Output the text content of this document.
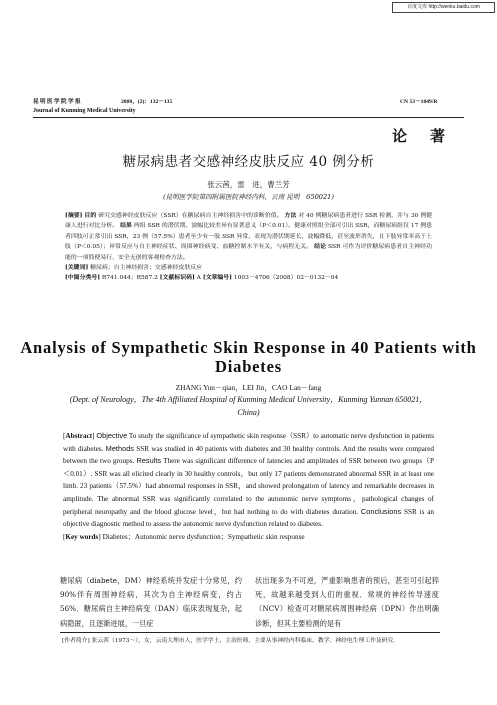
百度文库 http://wenku.baidu.com
昆 明 医 学 院 学 报	2008，(2)：132－135
Journal of Kunming Medical University
CN 53－1049/R
论　著
糖尿病患者交感神经皮肤反应 40 例分析
张云茜，雷　进，曹兰芳
(昆明医学院第四附属医院神经内科，云南 昆明　650021)
[摘要] 目的 研究交感神经皮肤反应（SSR）在糖尿病自主神经损害中的诊断价值。 方法 对 40 例糖尿病患者进行 SSR 检测，并与 30 例健康人进行对比分析。 结果 两组 SSR 的潜伏期、波幅比较差异有显著意义（P＜0.01）。健康对照组全部可引出 SSR，而糖尿病组仅 17 例患者四肢可正常引出 SSR，23 例（57.5%）患者至少有一肢 SSR 异常，表现为潜伏期延长，波幅降低，甚至波形消失，且下肢异常率高于上肢（P＜0.05）；异常反应与自主神经症状、周围神经病变、血糖控制水平有关，与病程无关。 结论 SSR 可作为评价糖尿病患者自主神经功能的一项简便易行，安全无创的客观检查方法。
[关键词] 糖尿病；自主神经损害；交感神经皮肤反应
[中图分类号] R741.044；R587.2 [文献标识码] A [文章编号] 1003－4706（2008）02－0132－04
Analysis of Sympathetic Skin Response in 40 Patients with Diabetes
ZHANG Yun－qian，LEI Jin，CAO Lan－fang
(Dept. of Neurology，The 4th Affiliated Hospital of Kunming Medical University，Kunming Yunnan 650021，China)
[Abstract] Objective To study the significance of sympathetic skin response（SSR）to automatic nerve dysfunction in patients with diabetes. Methods SSR was studied in 40 patients with diabetes and 30 healthy controls. And the results were compared between the two groups. Results There was significant difference of latencies and amplitudes of SSR between two groups（P＜0.01）. SSR was all elicited clearly in 30 healthy controls，but only 17 patients demonstrated abnormal SSR in at least one limb. 23 patients（57.5%）had abnormal responses in SSR，and showed prolongation of latency and remarkable decreases in amplitude. The abnormal SSR was significantly correlated to the autonomic nerve symptoms，pathological changes of peripheral neuropathy and the blood glucose level，but had nothing to do with diabetes duration. Conclusions SSR is an objective diagnostic method to assess the autonomic nerve dysfunction related to diabetes.
[Key words] Diabetes；Autonomic nerve dysfunction；Sympathetic skin response
糖尿病（diabete，DM）神经系统并发症十分常见，约 90%伴有周围神经病，其次为自主神经病变，约占 56%．糖尿病自主神经病变（DAN）临床表现复杂，起病隐匿，且逐渐进展，一旦症
状出现多为不可逆，严重影响患者的预后，甚至可引起猝死，故越来越受到人们的重视．常规的神经传导速度（NCV）检查可对糖尿病周围神经病（DPN）作出明确诊断，但其主要检测的是有
[作者简介] 张云茜（1973～），女，云南大理市人，医学学士，主治医师，主要从事神经内科临床、教学、神经电生理工作及研究.
